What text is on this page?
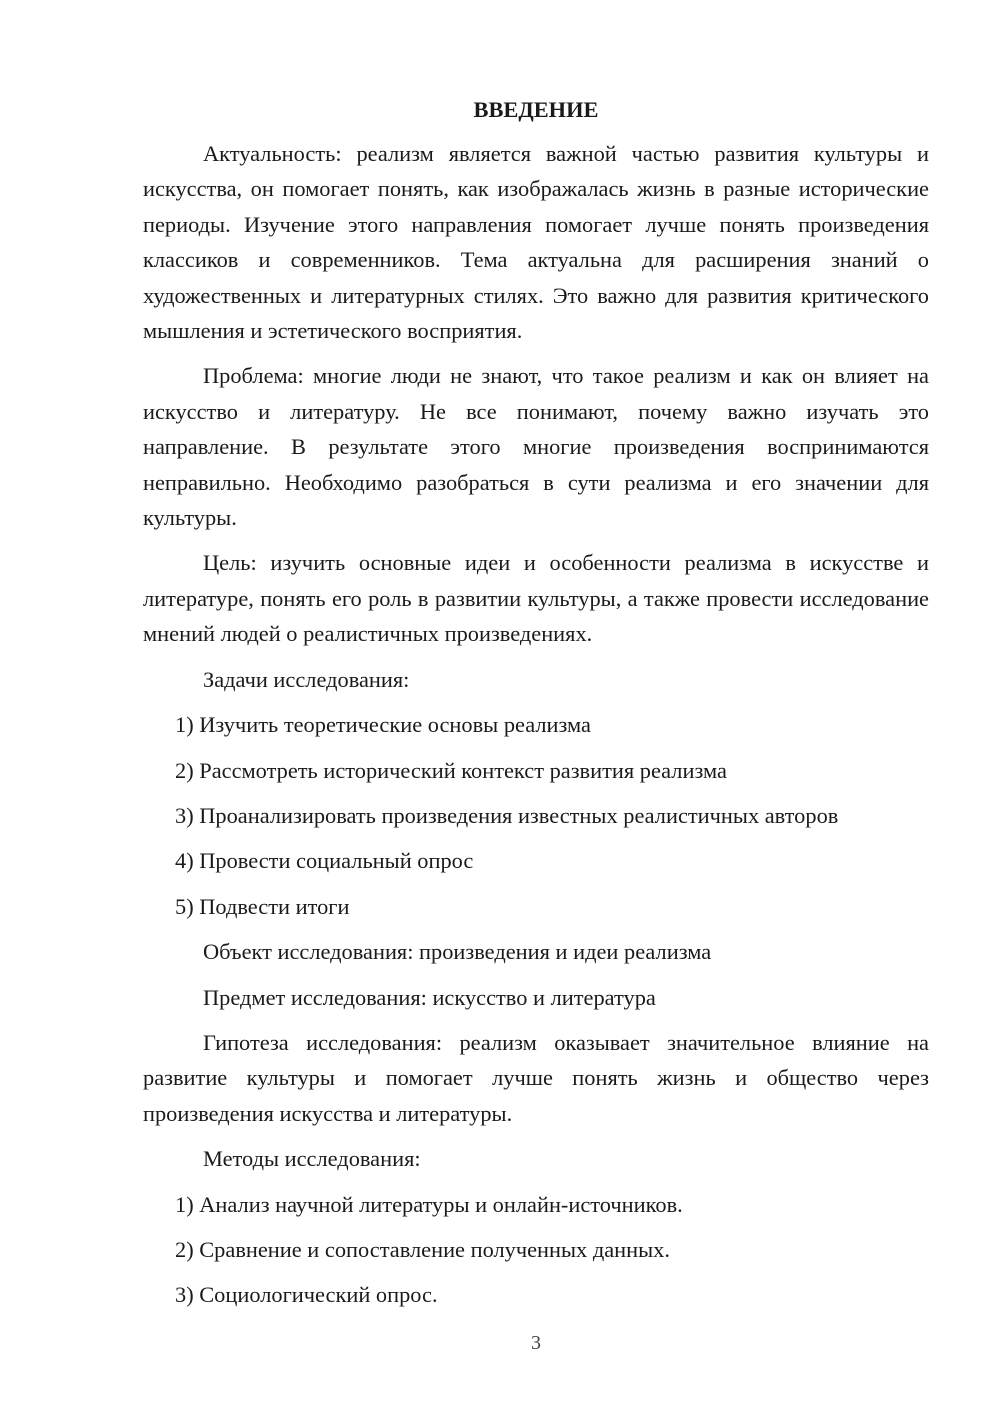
ВВЕДЕНИЕ

Актуальность: реализм является важной частью развития культуры и искусства, он помогает понять, как изображалась жизнь в разные исторические периоды. Изучение этого направления помогает лучше понять произведения классиков и современников. Тема актуальна для расширения знаний о художественных и литературных стилях. Это важно для развития критического мышления и эстетического восприятия.

Проблема: многие люди не знают, что такое реализм и как он влияет на искусство и литературу. Не все понимают, почему важно изучать это направление. В результате этого многие произведения воспринимаются неправильно. Необходимо разобраться в сути реализма и его значении для культуры.

Цель: изучить основные идеи и особенности реализма в искусстве и литературе, понять его роль в развитии культуры, а также провести исследование мнений людей о реалистичных произведениях.

Задачи исследования:

1) Изучить теоретические основы реализма

2) Рассмотреть исторический контекст развития реализма

3) Проанализировать произведения известных реалистичных авторов

4) Провести социальный опрос

5) Подвести итоги

Объект исследования: произведения и идеи реализма

Предмет исследования: искусство и литература

Гипотеза исследования: реализм оказывает значительное влияние на развитие культуры и помогает лучше понять жизнь и общество через произведения искусства и литературы.

Методы исследования:

1) Анализ научной литературы и онлайн-источников.

2) Сравнение и сопоставление полученных данных.

3) Социологический опрос.

3
